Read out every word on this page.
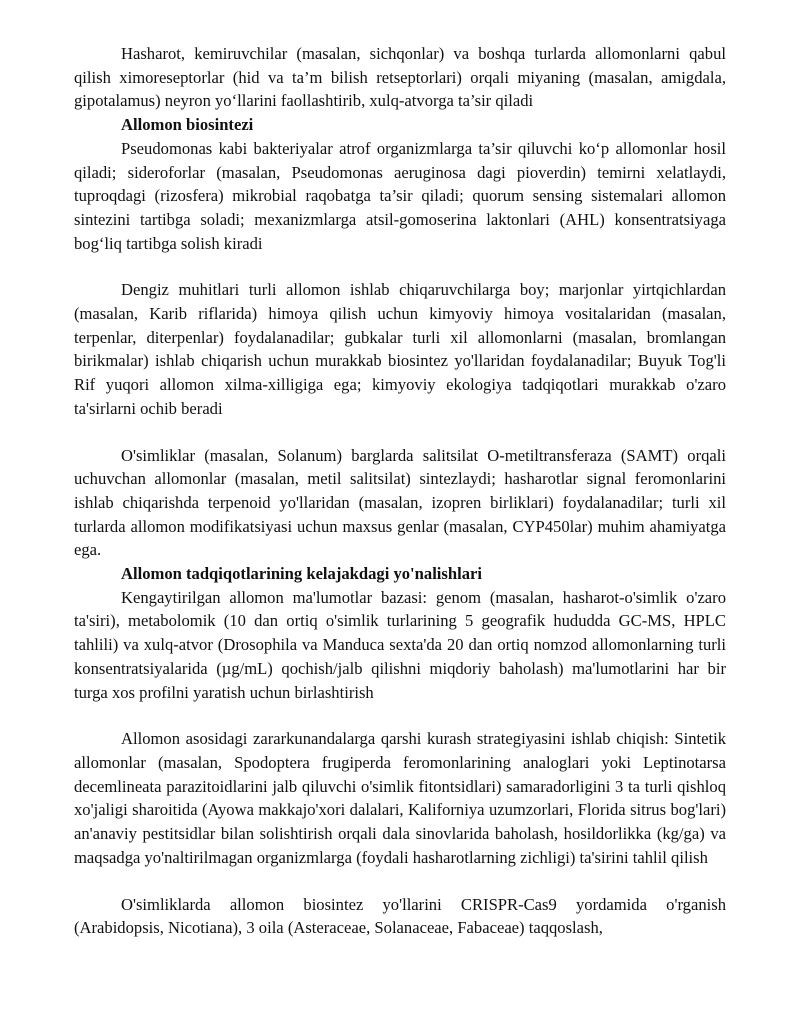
Hasharot, kemiruvchilar (masalan, sichqonlar) va boshqa turlarda allomonlarni qabul qilish ximoreseptorlar (hid va ta’m bilish retseptorlari) orqali miyaning (masalan, amigdala, gipotalamus) neyron yo‘llarini faollashtirib, xulq-atvorga ta’sir qiladi

Allomon biosintezi

Pseudomonas kabi bakteriyalar atrof organizmlarga ta’sir qiluvchi ko‘p allomonlar hosil qiladi; sideroforlar (masalan, Pseudomonas aeruginosa dagi pioverdin) temirni xelatlaydi, tuproqdagi (rizosfera) mikrobial raqobatga ta’sir qiladi; quorum sensing sistemalari allomon sintezini tartibga soladi; mexanizmlarga atsil-gomoserina laktonlari (AHL) konsentratsiyaga bog‘liq tartibga solish kiradi

Dengiz muhitlari turli allomon ishlab chiqaruvchilarga boy; marjonlar yirtqichlardan (masalan, Karib riflarida) himoya qilish uchun kimyoviy himoya vositalaridan (masalan, terpenlar, diterpenlar) foydalanadilar; gubkalar turli xil allomonlarni (masalan, bromlangan birikmalar) ishlab chiqarish uchun murakkab biosintez yo'llaridan foydalanadilar; Buyuk Tog'li Rif yuqori allomon xilma-xilligiga ega; kimyoviy ekologiya tadqiqotlari murakkab o'zaro ta'sirlarni ochib beradi

O'simliklar (masalan, Solanum) barglarda salitsilat O-metiltransferaza (SAMT) orqali uchuvchan allomonlar (masalan, metil salitsilat) sintezlaydi; hasharotlar signal feromonlarini ishlab chiqarishda terpenoid yo'llaridan (masalan, izopren birliklari) foydalanadilar; turli xil turlarda allomon modifikatsiyasi uchun maxsus genlar (masalan, CYP450lar) muhim ahamiyatga ega.

Allomon tadqiqotlarining kelajakdagi yo'nalishlari

Kengaytirilgan allomon ma'lumotlar bazasi: genom (masalan, hasharot-o'simlik o'zaro ta'siri), metabolomik (10 dan ortiq o'simlik turlarining 5 geografik hududda GC-MS, HPLC tahlili) va xulq-atvor (Drosophila va Manduca sexta'da 20 dan ortiq nomzod allomonlarning turli konsentratsiyalarida (µg/mL) qochish/jalb qilishni miqdoriy baholash) ma'lumotlarini har bir turga xos profilni yaratish uchun birlashtirish

Allomon asosidagi zararkunandalarga qarshi kurash strategiyasini ishlab chiqish: Sintetik allomonlar (masalan, Spodoptera frugiperda feromonlarining analoglari yoki Leptinotarsa decemlineata parazitoidlarini jalb qiluvchi o'simlik fitontsidlari) samaradorligini 3 ta turli qishloq xo'jaligi sharoitida (Ayowa makkajo'xori dalalari, Kaliforniya uzumzorlari, Florida sitrus bog'lari) an'anaviy pestitsidlar bilan solishtirish orqali dala sinovlarida baholash, hosildorlikka (kg/ga) va maqsadga yo'naltirilmagan organizmlarga (foydali hasharotlarning zichligi) ta'sirini tahlil qilish

O'simliklarda allomon biosintez yo'llarini CRISPR-Cas9 yordamida o'rganish (Arabidopsis, Nicotiana), 3 oila (Asteraceae, Solanaceae, Fabaceae) taqqoslash,
